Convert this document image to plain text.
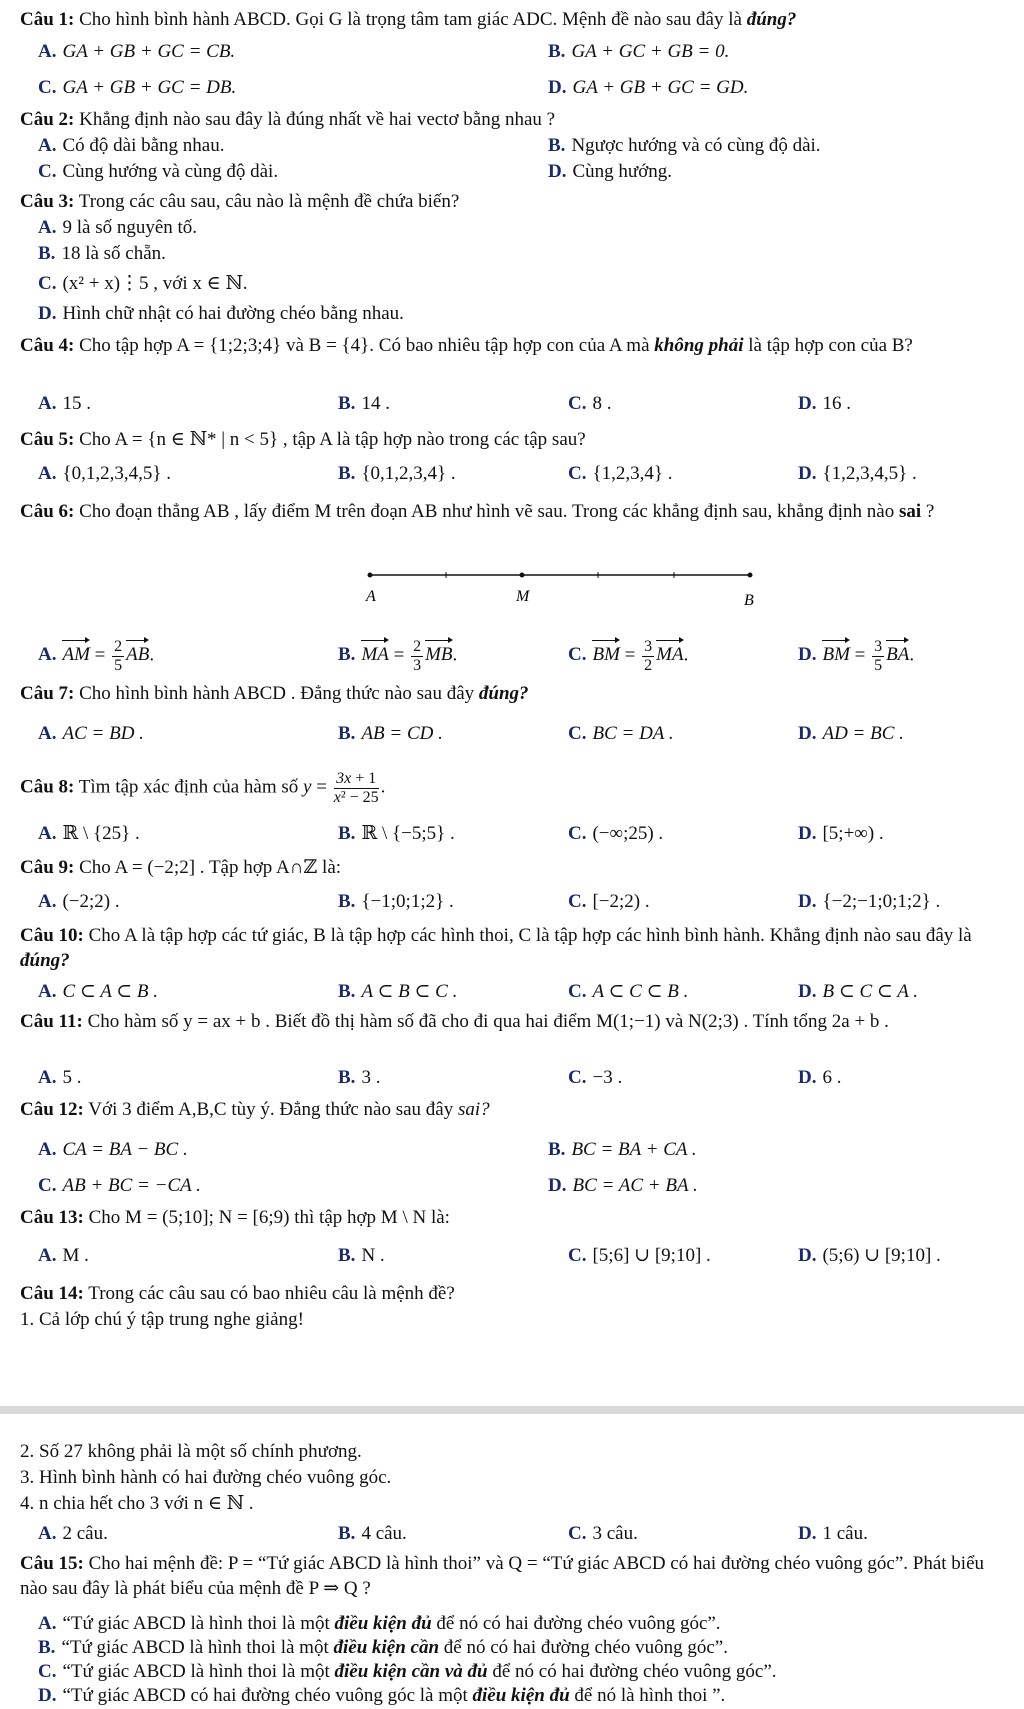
Câu 1: Cho hình bình hành ABCD. Gọi G là trọng tâm tam giác ADC. Mệnh đề nào sau đây là đúng?
A. GA + GB + GC = CB.	B. GA + GC + GB = 0.
C. GA + GB + GC = DB.	D. GA + GB + GC = GD.
Câu 2: Khẳng định nào sau đây là đúng nhất về hai vectơ bằng nhau ?
A. Có độ dài bằng nhau.	B. Ngược hướng và có cùng độ dài.
C. Cùng hướng và cùng độ dài.	D. Cùng hướng.
Câu 3: Trong các câu sau, câu nào là mệnh đề chứa biến?
A. 9 là số nguyên tố.
B. 18 là số chẵn.
C. (x² + x)⋮5 , với x ∈ ℕ.
D. Hình chữ nhật có hai đường chéo bằng nhau.
Câu 4: Cho tập hợp A = {1;2;3;4} và B = {4}. Có bao nhiêu tập hợp con của A mà không phải là tập hợp con của B?
A. 15 .	B. 14 .	C. 8 .	D. 16 .
Câu 5: Cho A = {n ∈ ℕ* | n < 5} , tập A là tập hợp nào trong các tập sau?
A. {0,1,2,3,4,5} .	B. {0,1,2,3,4} .	C. {1,2,3,4} .	D. {1,2,3,4,5} .
Câu 6: Cho đoạn thẳng AB , lấy điểm M trên đoạn AB như hình vẽ sau. Trong các khẳng định sau, khẳng định nào sai ?
A	M	B
A. AM = $\frac{2}{5}$ AB.	B. MA = $\frac{2}{3}$ MB.	C. BM = $\frac{3}{2}$ MA.	D. BM = $\frac{3}{5}$ BA.
Câu 7: Cho hình bình hành ABCD . Đẳng thức nào sau đây đúng?
A. AC = BD .	B. AB = CD .	C. BC = DA .	D. AD = BC .
Câu 8: Tìm tập xác định của hàm số $y = \frac{3x + 1}{\text{x² − 25}}$ .
A. ℝ \ {25} .	B. ℝ \ {−5;5} .	C. (−∞;25) .	D. [5;+∞) .
Câu 9: Cho A = (−2;2] . Tập hợp A∩ℤ là:
A. (−2;2) .	B. {−1;0;1;2} .	C. [−2;2) .	D. {−2;−1;0;1;2} .
Câu 10: Cho A là tập hợp các tứ giác, B là tập hợp các hình thoi, C là tập hợp các hình bình hành. Khẳng định nào sau đây là đúng?
A. C ⊂ A ⊂ B .	B. A ⊂ B ⊂ C .	C. A ⊂ C ⊂ B .	D. B ⊂ C ⊂ A .
Câu 11: Cho hàm số y = ax + b . Biết đồ thị hàm số đã cho đi qua hai điểm M(1;−1) và N(2;3) . Tính tổng 2a + b .
A. 5 .	B. 3 .	C. −3 .	D. 6 .
Câu 12: Với 3 điểm A,B,C tùy ý. Đẳng thức nào sau đây sai?
A. CA = BA − BC .	B. BC = BA + CA .
C. AB + BC = −CA .	D. BC = AC + BA .
Câu 13: Cho M = (5;10]; N = [6;9) thì tập hợp M \ N là:
A. M .	B. N .	C. [5;6] ∪ [9;10] .	D. (5;6) ∪ [9;10] .
Câu 14: Trong các câu sau có bao nhiêu câu là mệnh đề?
1. Cả lớp chú ý tập trung nghe giảng!
2. Số 27 không phải là một số chính phương.
3. Hình bình hành có hai đường chéo vuông góc.
4. n chia hết cho 3 với n ∈ ℕ .
A. 2 câu.	B. 4 câu.	C. 3 câu.	D. 1 câu.
Câu 15: Cho hai mệnh đề: P = “Tứ giác ABCD là hình thoi” và Q = “Tứ giác ABCD có hai đường chéo vuông góc”. Phát biểu nào sau đây là phát biểu của mệnh đề P ⇒ Q ?
A. “Tứ giác ABCD là hình thoi là một điều kiện đủ để nó có hai đường chéo vuông góc”.
B. “Tứ giác ABCD là hình thoi là một điều kiện cần để nó có hai đường chéo vuông góc”.
C. “Tứ giác ABCD là hình thoi là một điều kiện cần và đủ để nó có hai đường chéo vuông góc”.
D. “Tứ giác ABCD có hai đường chéo vuông góc là một điều kiện đủ để nó là hình thoi ”.
